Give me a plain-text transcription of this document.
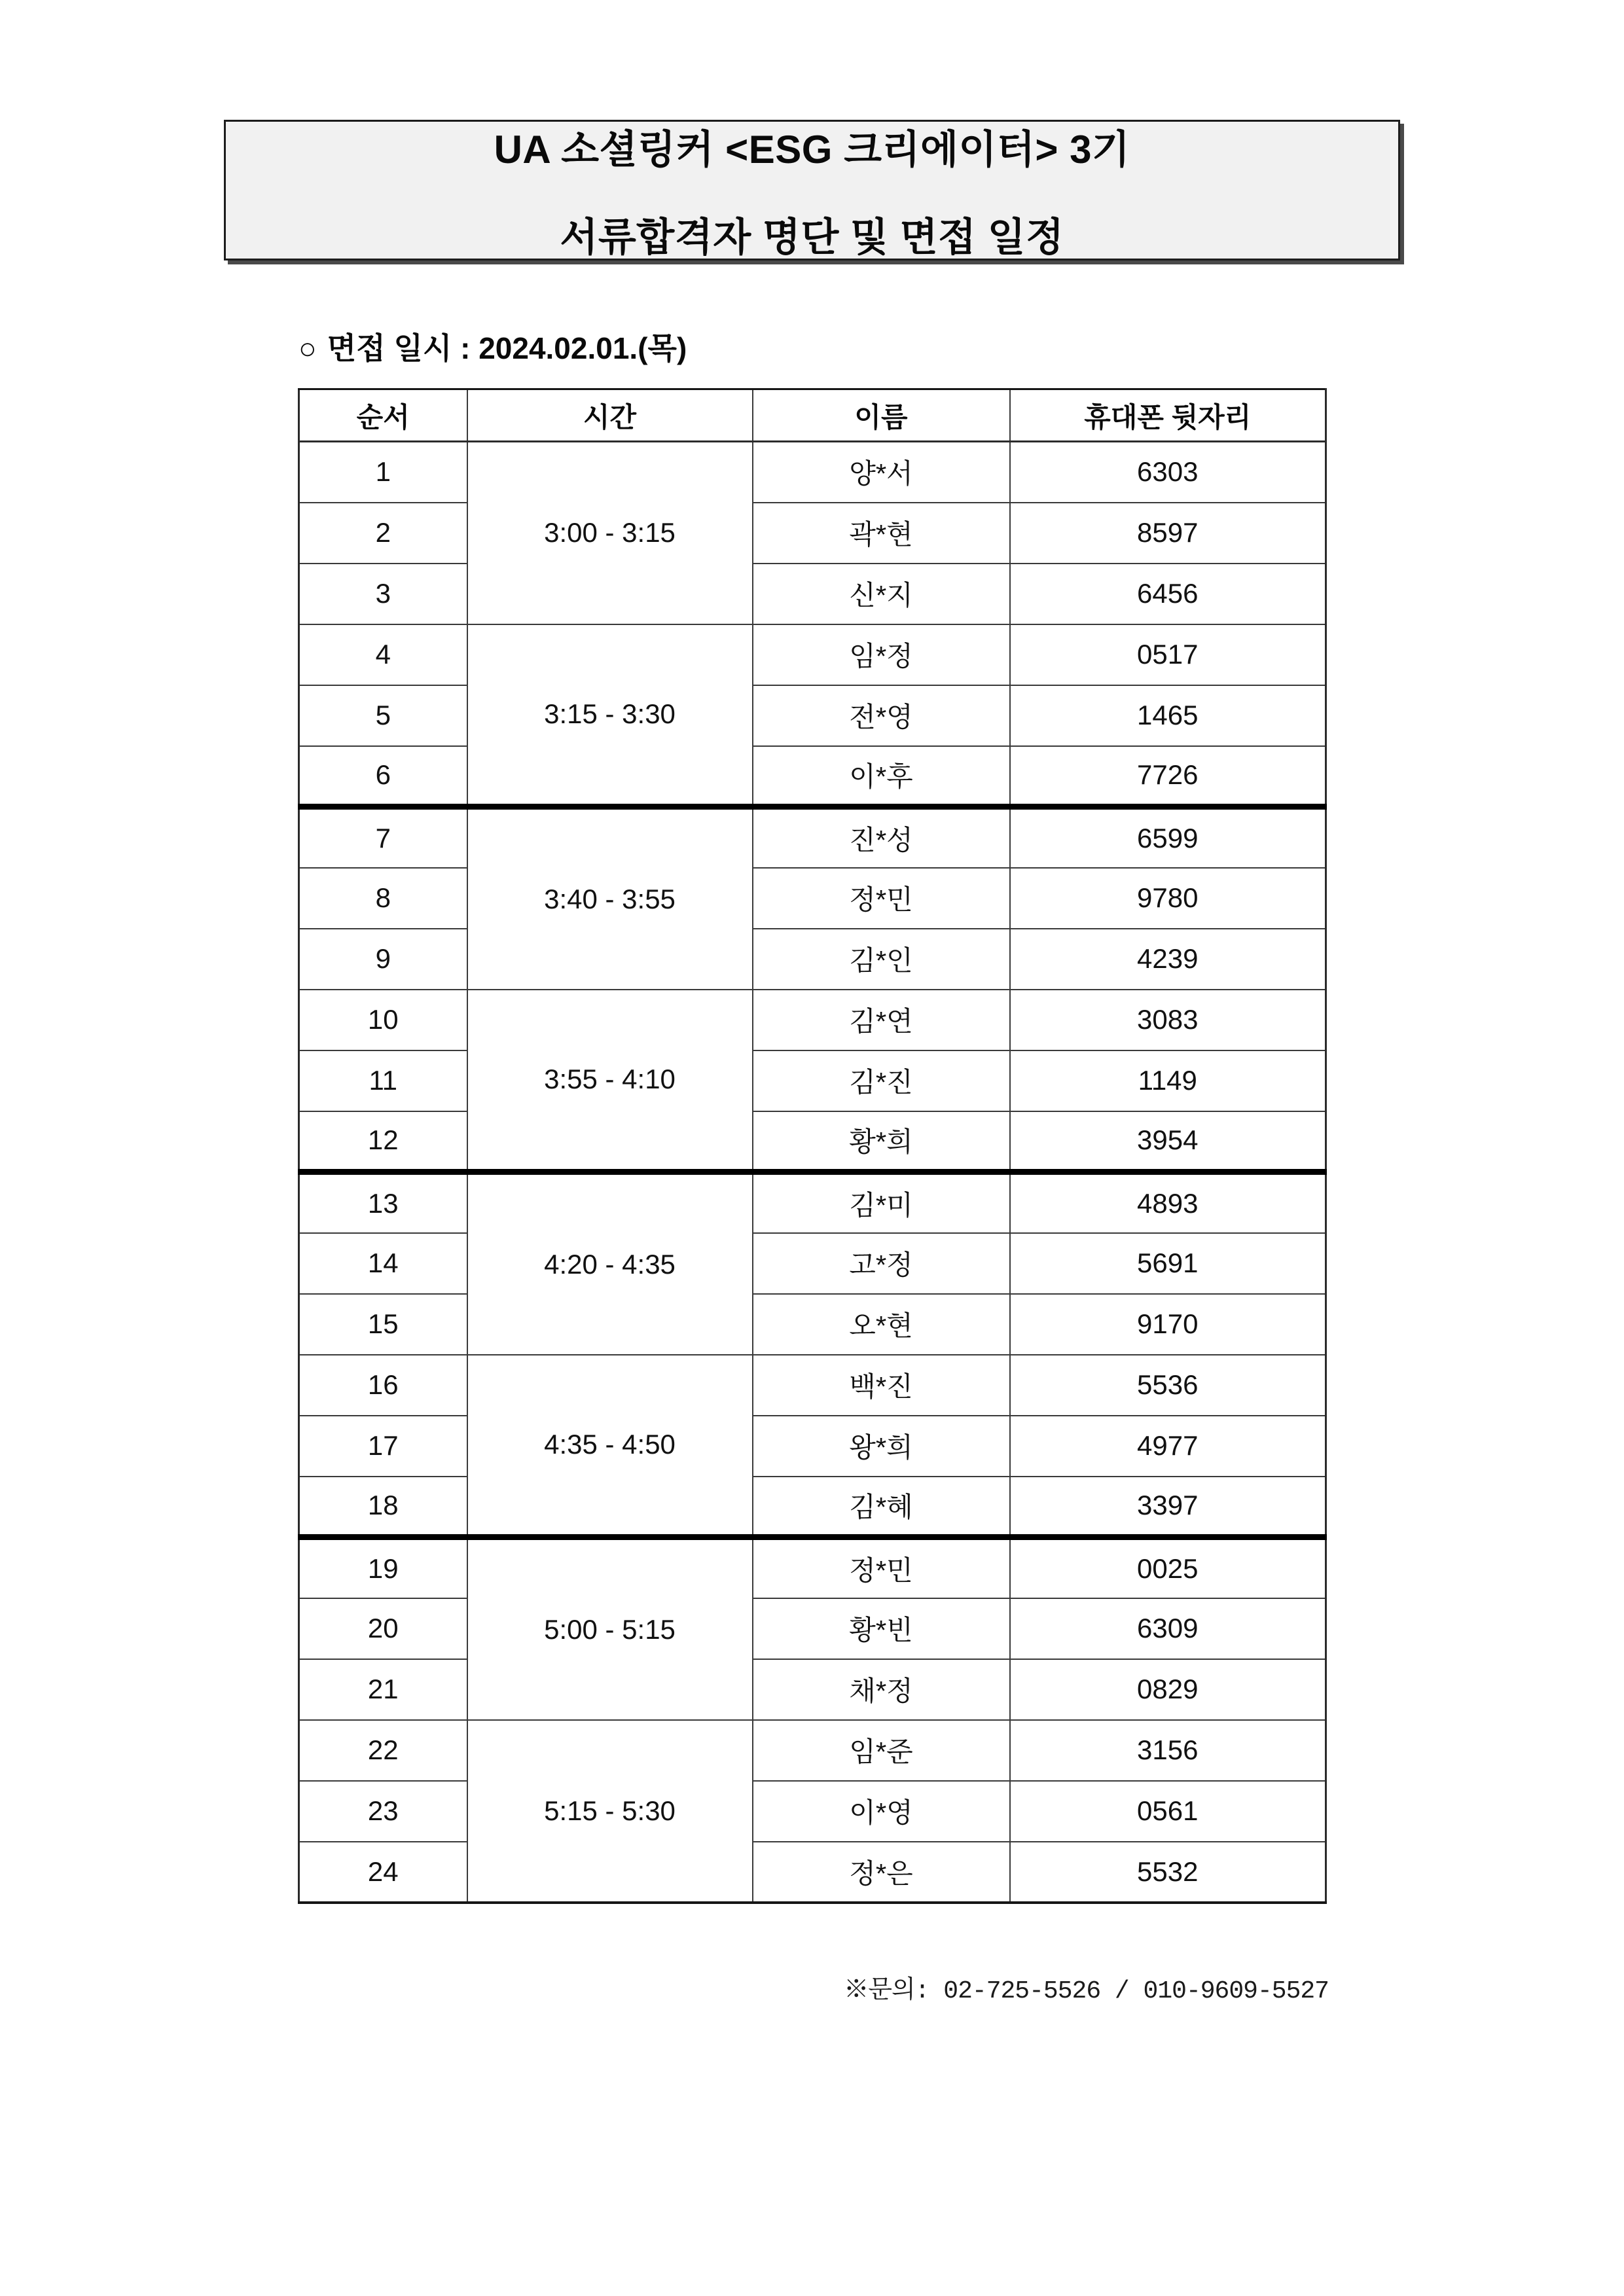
UA 소셜링커 <ESG 크리에이터> 3기
서류합격자 명단 및 면접 일정
○ 면접 일시 : 2024.02.01.(목)
순서	시간	이름	휴대폰 뒷자리
1	3:00 - 3:15	양*서	6303
2		곽*현	8597
3		신*지	6456
4	3:15 - 3:30	임*정	0517
5		전*영	1465
6		이*후	7726
7	3:40 - 3:55	진*성	6599
8		정*민	9780
9		김*인	4239
10	3:55 - 4:10	김*연	3083
11		김*진	1149
12		황*희	3954
13	4:20 - 4:35	김*미	4893
14		고*정	5691
15		오*현	9170
16	4:35 - 4:50	백*진	5536
17		왕*희	4977
18		김*혜	3397
19	5:00 - 5:15	정*민	0025
20		황*빈	6309
21		채*정	0829
22	5:15 - 5:30	임*준	3156
23		이*영	0561
24		정*은	5532
※문의: 02-725-5526 / 010-9609-5527
